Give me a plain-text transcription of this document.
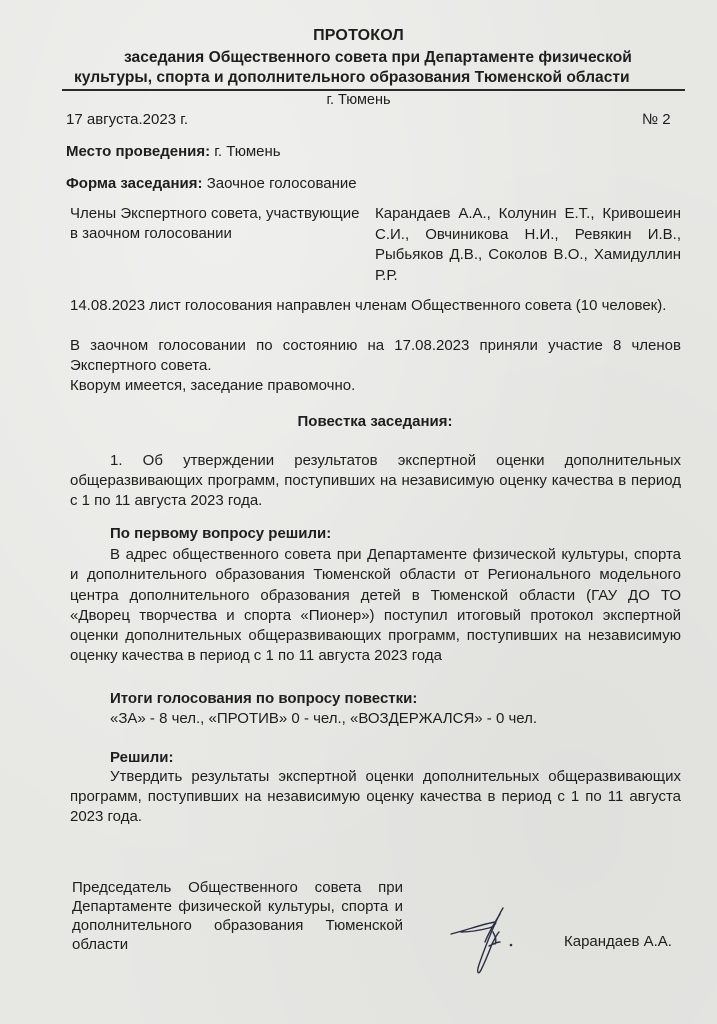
ПРОТОКОЛ
заседания Общественного совета при Департаменте физической
культуры, спорта и дополнительного образования Тюменской области
г. Тюмень
17 августа.2023 г.	№ 2
Место проведения: г. Тюмень
Форма заседания: Заочное голосование
Члены Экспертного совета, участвующие в заочном голосовании
Карандаев А.А., Колунин Е.Т., Кривошеин С.И., Овчиникова Н.И., Ревякин И.В., Рыбьяков Д.В., Соколов В.О., Хамидуллин Р.Р.
14.08.2023 лист голосования направлен членам Общественного совета (10 человек).
В заочном голосовании по состоянию на 17.08.2023 приняли участие 8 членов Экспертного совета.
Кворум имеется, заседание правомочно.
Повестка заседания:
1. Об утверждении результатов экспертной оценки дополнительных общеразвивающих программ, поступивших на независимую оценку качества в период с 1 по 11 августа 2023 года.
По первому вопросу решили:
В адрес общественного совета при Департаменте физической культуры, спорта и дополнительного образования Тюменской области от Регионального модельного центра дополнительного образования детей в Тюменской области (ГАУ ДО ТО «Дворец творчества и спорта «Пионер») поступил итоговый протокол экспертной оценки дополнительных общеразвивающих программ, поступивших на независимую оценку качества в период с 1 по 11 августа 2023 года
Итоги голосования по вопросу повестки:
«ЗА» - 8 чел., «ПРОТИВ» 0 - чел., «ВОЗДЕРЖАЛСЯ» - 0 чел.
Решили:
Утвердить результаты экспертной оценки дополнительных общеразвивающих программ, поступивших на независимую оценку качества в период с 1 по 11 августа 2023 года.
Председатель Общественного совета при Департаменте физической культуры, спорта и дополнительного образования Тюменской области	Карандаев А.А.
